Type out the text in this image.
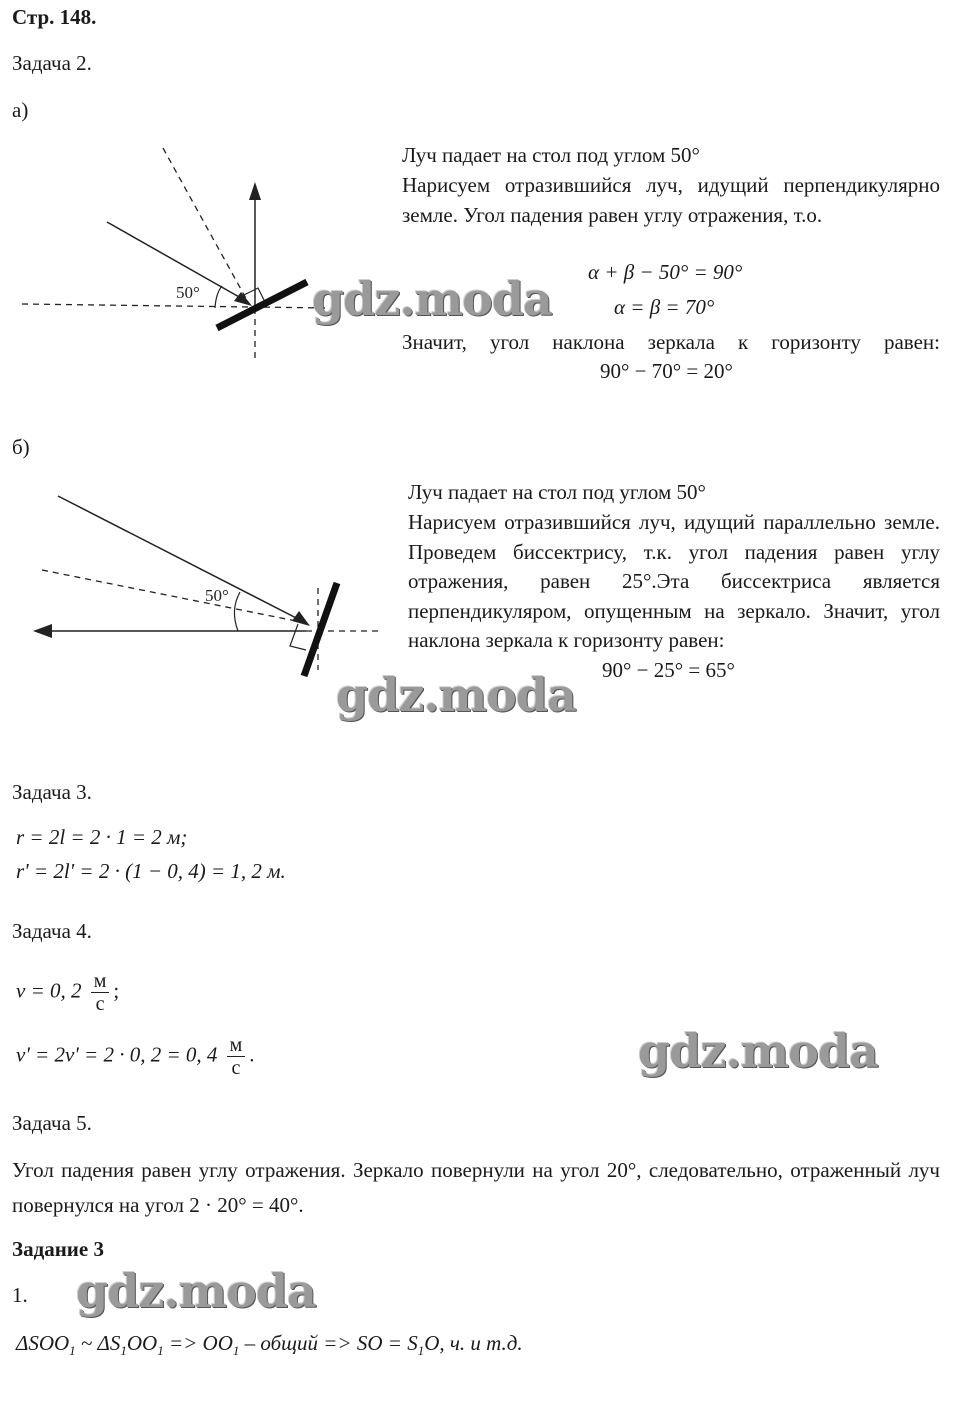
Стр. 148.
Задача 2.
а)
50°
Луч падает на стол под углом 50°
Нарисуем отразившийся луч, идущий перпендикулярно земле. Угол падения равен углу отражения, т.о.
α + β − 50° = 90°
α = β = 70°
Значит, угол наклона зеркала к горизонту равен:
90° − 70° = 20°
gdz.moda
б)
50°
Луч падает на стол под углом 50°
Нарисуем отразившийся луч, идущий параллельно земле. Проведем биссектрису, т.к. угол падения равен углу отражения, равен 25°.Эта биссектриса является перпендикуляром, опущенным на зеркало. Значит, угол наклона зеркала к горизонту равен:
90° − 25° = 65°
gdz.moda
Задача 3.
r = 2l = 2 · 1 = 2 м;
r' = 2l' = 2 · (1 − 0, 4) = 1, 2 м.
Задача 4.
v = 0, $2 \frac{м}{с}$ ;
v' = 2v' = 2 · 0, 2 = 0, $4 \frac{м}{с}$ .	gdz.moda
Задача 5.
Угол падения равен углу отражения. Зеркало повернули на угол 20°, следовательно, отраженный луч повернулся на угол 2 · 20° = 40°.
Задание 3
1. gdz.moda
$\Delta SOO_1$ ~ $\Delta S_1OO_1 => OO_1$ – общий => SO = $S_1O$, ч. и т.д.
